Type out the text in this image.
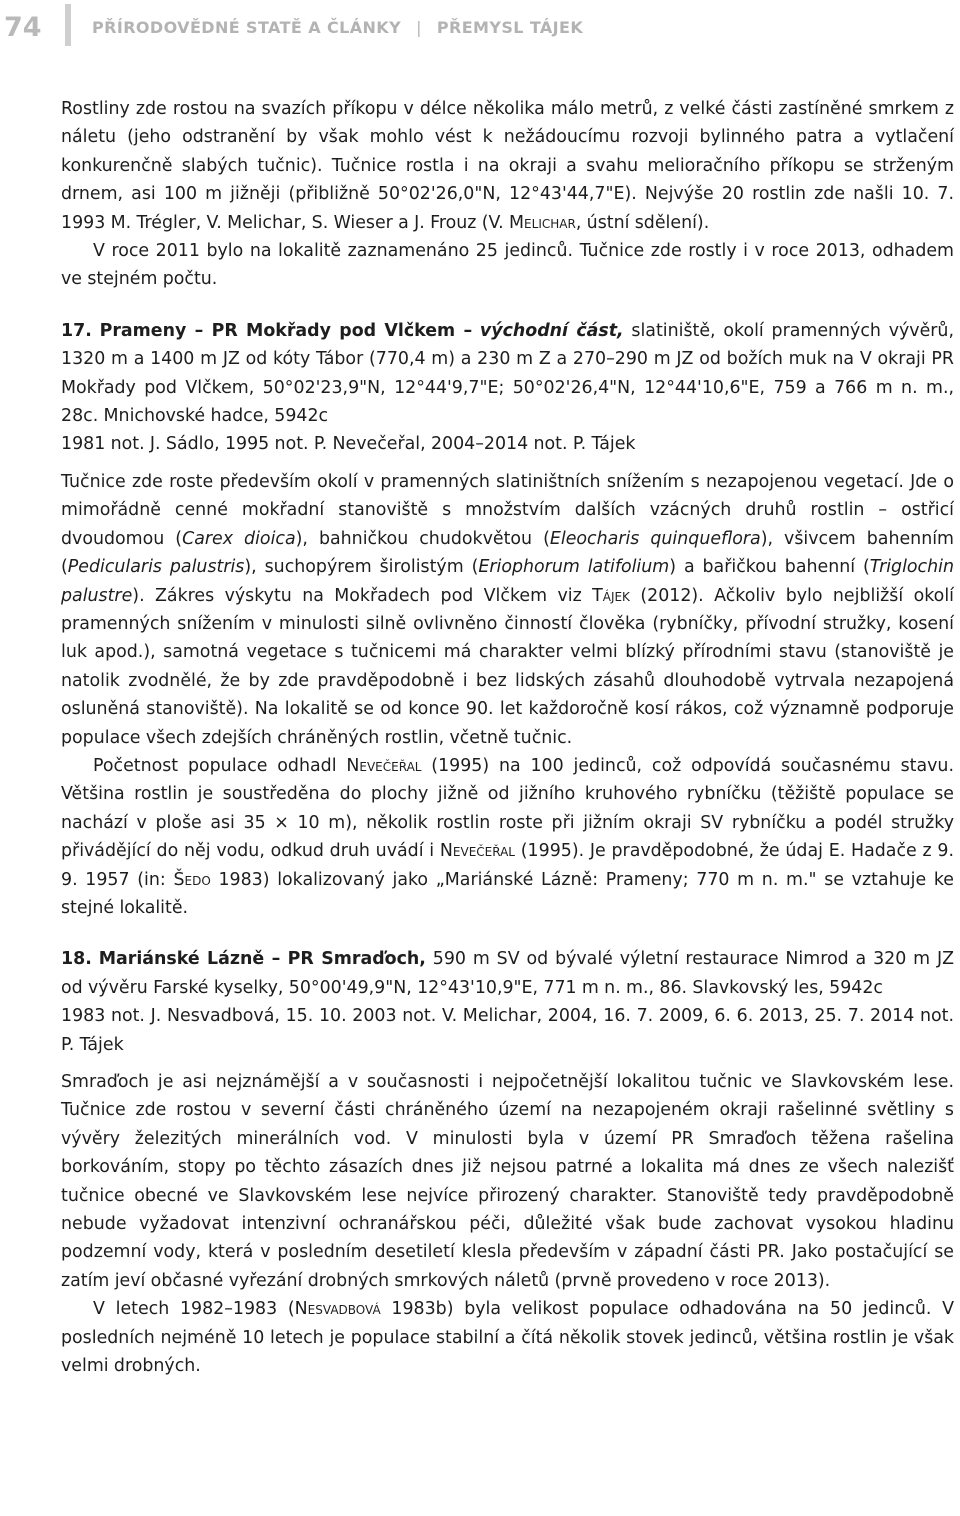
74	PŘÍRODOVĚDNÉ STATĚ A ČLÁNKY | PŘEMYSL TÁJEK

Rostliny zde rostou na svazích příkopu v délce několika málo metrů, z velké části zastíněné smrkem z náletu (jeho odstranění by však mohlo vést k nežádoucímu rozvoji bylinného patra a vytlačení konkurenčně slabých tučnic). Tučnice rostla i na okraji a svahu melioračního příkopu se strženým drnem, asi 100 m jižněji (přibližně 50°02'26,0"N, 12°43'44,7"E). Nejvýše 20 rostlin zde našli 10. 7. 1993 M. Trégler, V. Melichar, S. Wieser a J. Frouz (V. Melichar, ústní sdělení).

V roce 2011 bylo na lokalitě zaznamenáno 25 jedinců. Tučnice zde rostly i v roce 2013, odhadem ve stejném počtu.

17. Prameny – PR Mokřady pod Vlčkem – východní část, slatiniště, okolí pramenných vývěrů, 1320 m a 1400 m JZ od kóty Tábor (770,4 m) a 230 m Z a 270–290 m JZ od božích muk na V okraji PR Mokřady pod Vlčkem, 50°02'23,9"N, 12°44'9,7"E; 50°02'26,4"N, 12°44'10,6"E, 759 a 766 m n. m., 28c. Mnichovské hadce, 5942c

1981 not. J. Sádlo, 1995 not. P. Nevečeřal, 2004–2014 not. P. Tájek

Tučnice zde roste především okolí v pramenných slatiništních snížením s nezapojenou vegetací. Jde o mimořádně cenné mokřadní stanoviště s množstvím dalších vzácných druhů rostlin – ostřicí dvoudomou (Carex dioica), bahničkou chudokvětou (Eleocharis quinqueflora), všivcem bahenním (Pedicularis palustris), suchopýrem širolistým (Eriophorum latifolium) a bařičkou bahenní (Triglochin palustre). Zákres výskytu na Mokřadech pod Vlčkem viz Tájek (2012). Ačkoliv bylo nejbližší okolí pramenných snížením v minulosti silně ovlivněno činností člověka (rybníčky, přívodní stružky, kosení luk apod.), samotná vegetace s tučnicemi má charakter velmi blízký přírodními stavu (stanoviště je natolik zvodnělé, že by zde pravděpodobně i bez lidských zásahů dlouhodobě vytrvala nezapojená osluněná stanoviště). Na lokalitě se od konce 90. let každoročně kosí rákos, což významně podporuje populace všech zdejších chráněných rostlin, včetně tučnic.

Početnost populace odhadl Nevečeřal (1995) na 100 jedinců, což odpovídá současnému stavu. Většina rostlin je soustředěna do plochy jižně od jižního kruhového rybníčku (těžiště populace se nachází v ploše asi 35 × 10 m), několik rostlin roste při jižním okraji SV rybníčku a podél stružky přivádějící do něj vodu, odkud druh uvádí i Nevečeřal (1995). Je pravděpodobné, že údaj E. Hadače z 9. 9. 1957 (in: Šedo 1983) lokalizovaný jako „Mariánské Lázně: Prameny; 770 m n. m." se vztahuje ke stejné lokalitě.

18. Mariánské Lázně – PR Smraďoch, 590 m SV od bývalé výletní restaurace Nimrod a 320 m JZ od vývěru Farské kyselky, 50°00'49,9"N, 12°43'10,9"E, 771 m n. m., 86. Slavkovský les, 5942c

1983 not. J. Nesvadbová, 15. 10. 2003 not. V. Melichar, 2004, 16. 7. 2009, 6. 6. 2013, 25. 7. 2014 not. P. Tájek

Smraďoch je asi nejznámější a v současnosti i nejpočetnější lokalitou tučnic ve Slavkovském lese. Tučnice zde rostou v severní části chráněného území na nezapojeném okraji rašelinné světliny s vývěry železitých minerálních vod. V minulosti byla v území PR Smraďoch těžena rašelina borkováním, stopy po těchto zásazích dnes již nejsou patrné a lokalita má dnes ze všech nalezišť tučnice obecné ve Slavkovském lese nejvíce přirozený charakter. Stanoviště tedy pravděpodobně nebude vyžadovat intenzivní ochranářskou péči, důležité však bude zachovat vysokou hladinu podzemní vody, která v posledním desetiletí klesla především v západní části PR. Jako postačující se zatím jeví občasné vyřezání drobných smrkových náletů (prvně provedeno v roce 2013).

V letech 1982–1983 (Nesvadbová 1983b) byla velikost populace odhadována na 50 jedinců. V posledních nejméně 10 letech je populace stabilní a čítá několik stovek jedinců, většina rostlin je však velmi drobných.
